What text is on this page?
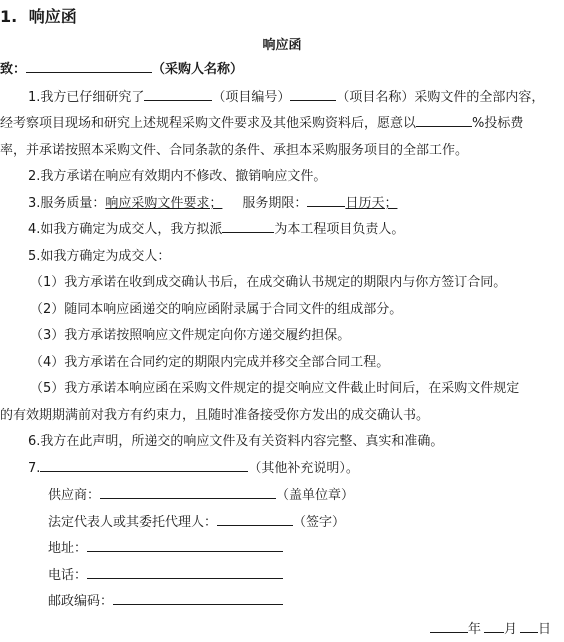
1. 响应函
响应函
致：	（采购人名称）
1.我方已仔细研究了	（项目编号）	（项目名称）采购文件的全部内容，
经考察项目现场和研究上述规程采购文件要求及其他采购资料后，愿意以	%投标费
率，并承诺按照本采购文件、合同条款的条件、承担本采购服务项目的全部工作。
2.我方承诺在响应有效期内不修改、撤销响应文件。
3.服务质量：响应采购文件要求； 服务期限：	日历天；
4.如我方确定为成交人，我方拟派	为本工程项目负责人。
5.如我方确定为成交人：
（1）我方承诺在收到成交确认书后，在成交确认书规定的期限内与你方签订合同。
（2）随同本响应函递交的响应函附录属于合同文件的组成部分。
（3）我方承诺按照响应文件规定向你方递交履约担保。
（4）我方承诺在合同约定的期限内完成并移交全部合同工程。
（5）我方承诺本响应函在采购文件规定的提交响应文件截止时间后，在采购文件规定
的有效期期满前对我方有约束力，且随时准备接受你方发出的成交确认书。
6.我方在此声明，所递交的响应文件及有关资料内容完整、真实和准确。
7.	（其他补充说明）。
供应商：	（盖单位章）
法定代表人或其委托代理人：	（签字）
地址：
电话：
邮政编码：
年 月 日
